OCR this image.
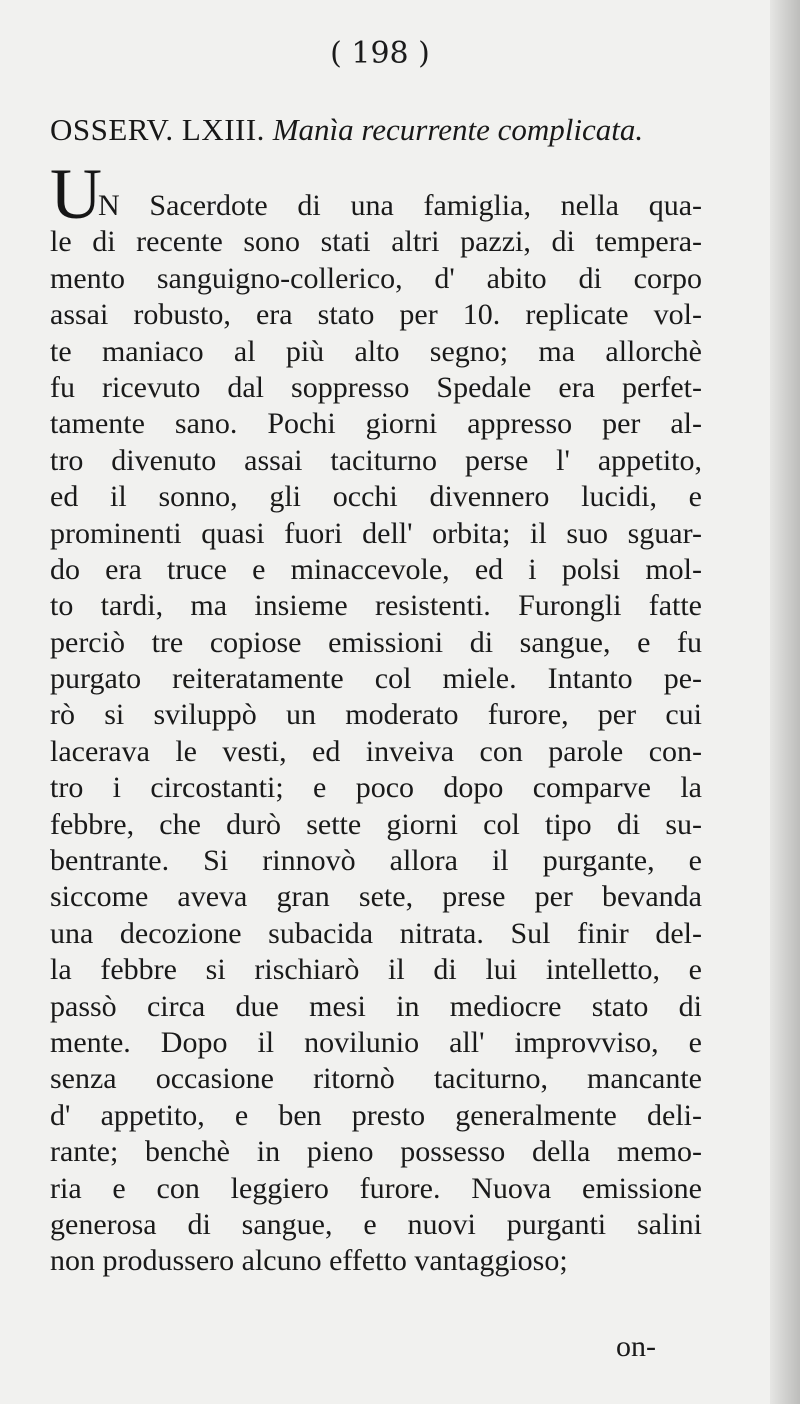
( 198 )
OSSERV. LXIII. Manìa recurrente complicata.
U
N Sacerdote di una famiglia, nella qua-
le di recente sono stati altri pazzi, di tempera-
mento sanguigno-collerico, d' abito di corpo
assai robusto, era stato per 10. replicate vol-
te maniaco al più alto segno; ma allorchè
fu ricevuto dal soppresso Spedale era perfet-
tamente sano. Pochi giorni appresso per al-
tro divenuto assai taciturno perse l' appetito,
ed il sonno, gli occhi divennero lucidi, e
prominenti quasi fuori dell' orbita; il suo sguar-
do era truce e minaccevole, ed i polsi mol-
to tardi, ma insieme resistenti. Furongli fatte
perciò tre copiose emissioni di sangue, e fu
purgato reiteratamente col miele. Intanto pe-
rò si sviluppò un moderato furore, per cui
lacerava le vesti, ed inveiva con parole con-
tro i circostanti; e poco dopo comparve la
febbre, che durò sette giorni col tipo di su-
bentrante. Si rinnovò allora il purgante, e
siccome aveva gran sete, prese per bevanda
una decozione subacida nitrata. Sul finir del-
la febbre si rischiarò il di lui intelletto, e
passò circa due mesi in mediocre stato di
mente. Dopo il novilunio all' improvviso, e
senza occasione ritornò taciturno, mancante
d' appetito, e ben presto generalmente deli-
rante; benchè in pieno possesso della memo-
ria e con leggiero furore. Nuova emissione
generosa di sangue, e nuovi purganti salini
non produssero alcuno effetto vantaggioso;
on-
